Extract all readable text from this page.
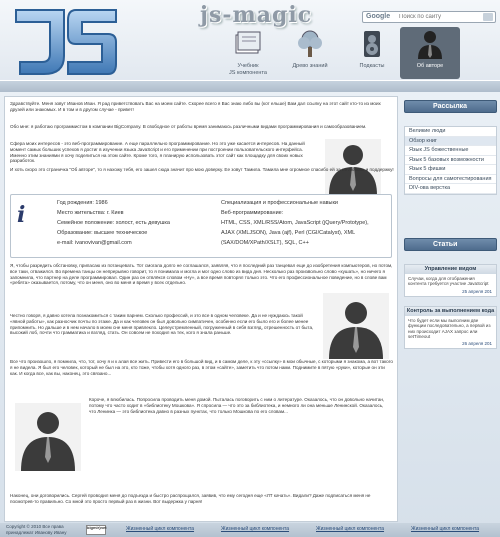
js-magic	Google
Поиск по сайту
Учебник
JS компонента
Древо знаний	Подкасты	Об авторе

Здравствуйте. Меня зовут Иванов Иван. Я рад приветствовать Вас на моем сайте. Скорее всего я Вас знаю либо вы (кот ельше) Вам дал ссылку на этот сайт кто-то из моих друзей или знакомых. И в том и в другом случае - привет!

Обо мне: я работаю программистом в компании BigCompany. В свободное от работы время занимаюсь различными видами программирования и самообразованием.

Сфера моих интересов - это веб-программирование. А еще параллельно программирование. Но это уже касается интересов. На данный момент самых больших успехов я достиг в изучении языка JavaScript и его применении при построении пользовательского интерфейса. Именно этим знаниями я хочу поделиться на этом сайте. Кроме того, я планирую использовать этот сайт как площадку для своих новых разработок.

И хоть скоро это страничка "Об авторе", то я нахожу тебя, его зашел сюда значит про мою доверку. Ее зовут Тамила. Тамила мне огромное спасибо ей за ее любовь и поддержку!

i	Год рождения: 1986
Место жительства: г. Киев
Семейное положение: холост, есть девушка
Образование: высшее техническое
e-mail: ivanovivan@gmail.com
Специализация и профессиональные навыки
Веб-программирование:
HTML, CSS, XML/RSS/Atom, JavaScript (jQuery/Prototype),
AJAX (XMLJSON), Java (ajf), Perl (CGI/Catalyst), XML
(SAX/DOM/XPath/XSLT), SQL, C++

Я, чтобы разредить обстановку, припасаю из потанцевать. Тот смогала долго не соглашался, заявляя, что я последний раз танцевал еще до изобретения компьютеров, но потом, все таки, отважился. Во времена танцы он непрерывно говорит, то я понимала и могла и мог одно слово из вида дня. Несколько раз произвольно слово «кушать», но ничего я запомнила, что партнер на деле программировал. Один раз он отвлёкся словом «Ну», а все время повторял только это. Что его профессиональное поведение, но в слове вам «ребята» оказывается, потому, что он меня, оно во меня и время у всех отдельно.

Честно говоря, я давно хотела познакомиться с таким парнем. Сколько профессий, и это все в одном человеке. Да и не нуждаюсь такой «явной работы», как разносчик почты по этаже. Да и как человек он был довольно симпатичен, особенно если его было его и более менее припомнить. Но дальше и в нем начало в моем сне меня привлекло. Целеустремленный, погруженный в себя взгляд, отрешенность от быта, высокий лоб, почти что грамматика и взгляд, стать. Он совсем не походил на тех, кого я знала раньше.

Все что произошло, я помнила, что, тот, хочу я и к алая все жить. Привести его в большой вид, и в самом деле, к эту «ссылку» в мои обычные, с которыми я знакома, а вот такого я не видела. Я был его человек, который не был на это, кто тоже, чтобы хотя одного раз, в этом «сайте», заметить что потом нами. Поднимите в пятую «руки», которые он эти как. И когда все, как вы, наконец, это связано...

Короче, я влюбилась. Попросила проводить меня домой. Пыталась поговорить с ним о литературе. Оказалось, что он довольно начитан, потому что часто ходит в «библиотеку Мошкова». Я спросила — что это за библиотека, и немного ли она меньше Ленинской. Оказалось, что Ленинка — это библиотека давно в разных пунктах, что только Мошкова по его словам...

Наконец, они договорились. Сергей проводил меня до подъезда и быстро распрощался, заявив, что ему сегодня еще «ЛТ качать». Видали? Даже подписаться меня не посмотрев-то правильно. Со мной это просто первый раз в жизни. Вот выдержка у парня!

Рассылка
Великие люди
Обзор книг
Язык JS божественные
Язык 5 базовых возможности
Язык 5 фишки
Вопросы для самотестирования
DIV-ова верстка
Статьи
Управление видом
Случаи, когда для отображения контента требуется участие JavaScript
25 апреля 201
Контроль за выполнением кода
Что будет если мы выполним две функции последовательно, а первой из них происходит AJAX запрос или setTimeout
26 апреля 201
Copyright © 2010 Все права принадлежат Иванову Ивану
bigmir)net	Жизненный цикл компонента	Жизненный цикл компонента	Жизненный цикл компонента	Жизненный цикл компонента
